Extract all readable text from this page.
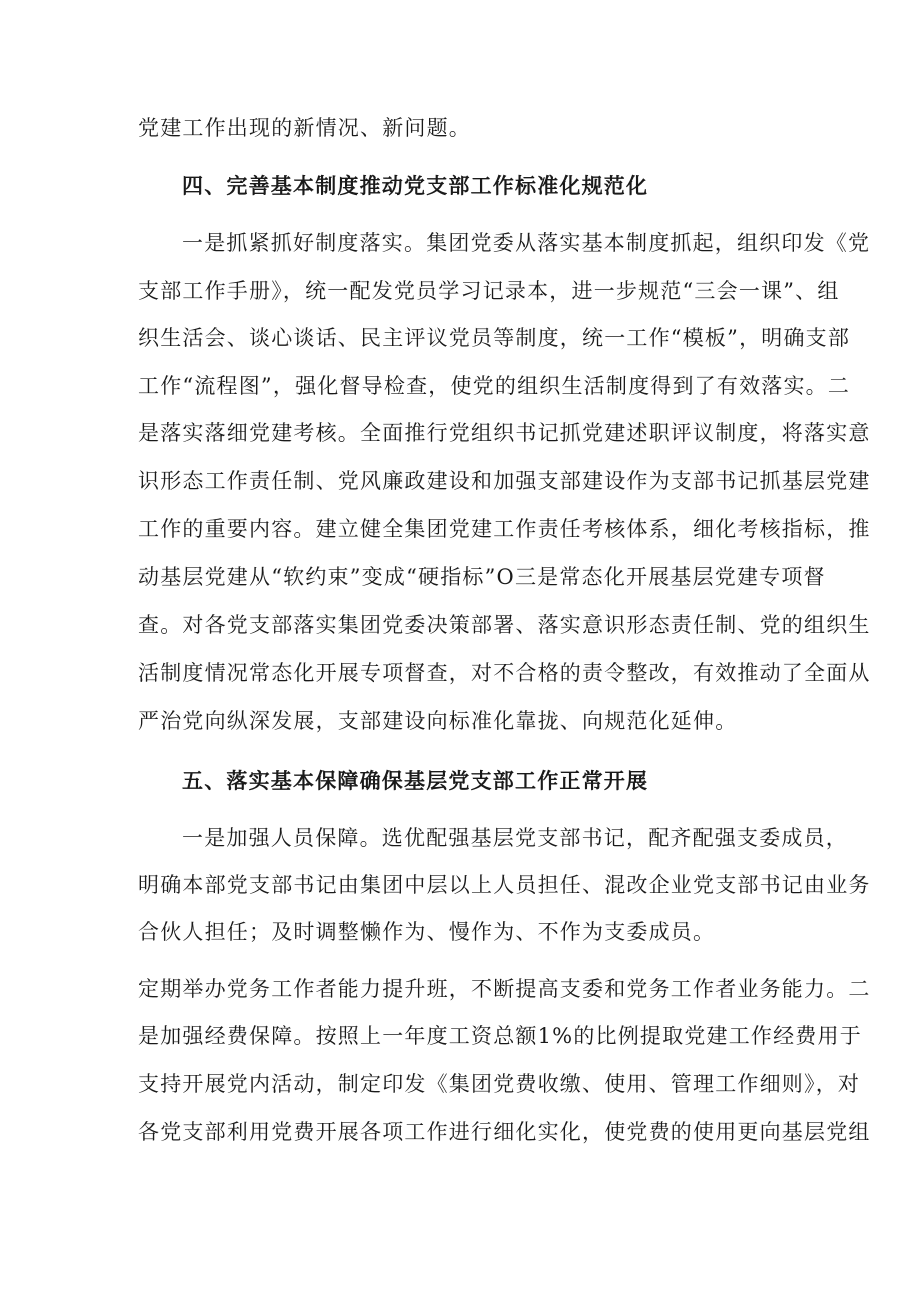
党建工作出现的新情况、新问题。
四、完善基本制度推动党支部工作标准化规范化
一是抓紧抓好制度落实。集团党委从落实基本制度抓起，组织印发《党
支部工作手册》，统一配发党员学习记录本，进一步规范“三会一课”、组
织生活会、谈心谈话、民主评议党员等制度，统一工作“模板”，明确支部
工作“流程图”，强化督导检查，使党的组织生活制度得到了有效落实。二
是落实落细党建考核。全面推行党组织书记抓党建述职评议制度，将落实意
识形态工作责任制、党风廉政建设和加强支部建设作为支部书记抓基层党建
工作的重要内容。建立健全集团党建工作责任考核体系，细化考核指标，推
动基层党建从“软约束”变成“硬指标”O三是常态化开展基层党建专项督
查。对各党支部落实集团党委决策部署、落实意识形态责任制、党的组织生
活制度情况常态化开展专项督查，对不合格的责令整改，有效推动了全面从
严治党向纵深发展，支部建设向标准化靠拢、向规范化延伸。
五、落实基本保障确保基层党支部工作正常开展
一是加强人员保障。选优配强基层党支部书记，配齐配强支委成员，
明确本部党支部书记由集团中层以上人员担任、混改企业党支部书记由业务
合伙人担任；及时调整懒作为、慢作为、不作为支委成员。
定期举办党务工作者能力提升班，不断提高支委和党务工作者业务能力。二
是加强经费保障。按照上一年度工资总额1%的比例提取党建工作经费用于
支持开展党内活动，制定印发《集团党费收缴、使用、管理工作细则》，对
各党支部利用党费开展各项工作进行细化实化，使党费的使用更向基层党组
